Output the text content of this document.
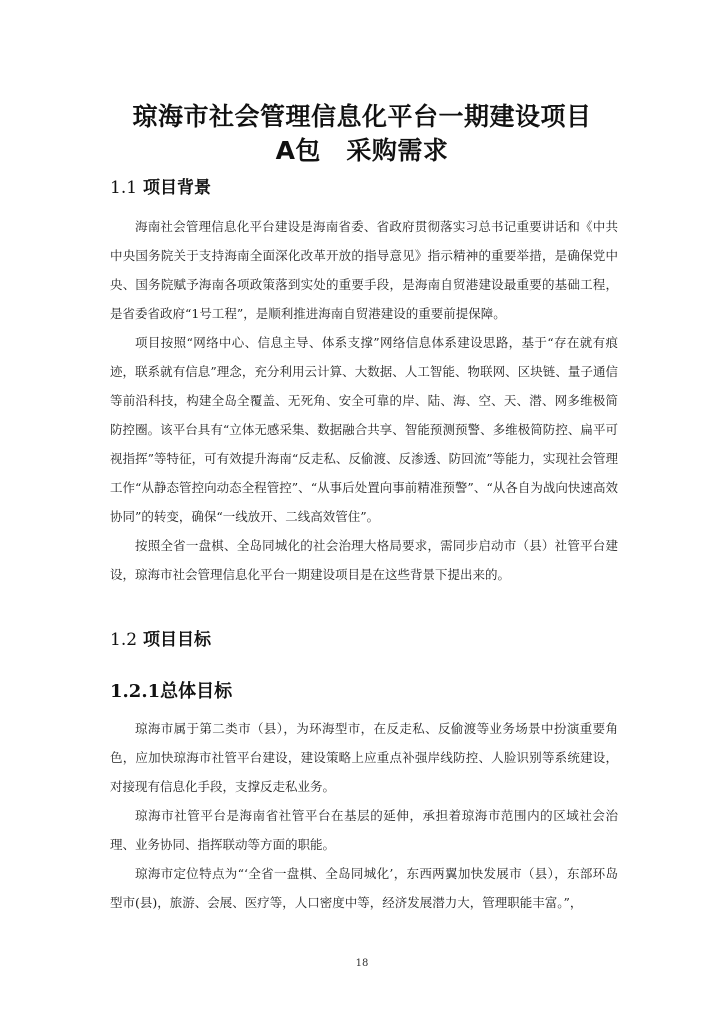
琼海市社会管理信息化平台一期建设项目
A包　采购需求
1.1 项目背景

海南社会管理信息化平台建设是海南省委、省政府贯彻落实习总书记重要讲话和《中共中央国务院关于支持海南全面深化改革开放的指导意见》指示精神的重要举措，是确保党中央、国务院赋予海南各项政策落到实处的重要手段，是海南自贸港建设最重要的基础工程，是省委省政府“1号工程”，是顺利推进海南自贸港建设的重要前提保障。

项目按照“网络中心、信息主导、体系支撑”网络信息体系建设思路，基于“存在就有痕迹，联系就有信息”理念，充分利用云计算、大数据、人工智能、物联网、区块链、量子通信等前沿科技，构建全岛全覆盖、无死角、安全可靠的岸、陆、海、空、天、潜、网多维极简防控圈。该平台具有“立体无感采集、数据融合共享、智能预测预警、多维极简防控、扁平可视指挥”等特征，可有效提升海南“反走私、反偷渡、反渗透、防回流”等能力，实现社会管理工作“从静态管控向动态全程管控”、“从事后处置向事前精准预警”、“从各自为战向快速高效协同”的转变，确保“一线放开、二线高效管住”。

按照全省一盘棋、全岛同城化的社会治理大格局要求，需同步启动市（县）社管平台建设，琼海市社会管理信息化平台一期建设项目是在这些背景下提出来的。

1.2 项目目标
1.2.1总体目标

琼海市属于第二类市（县），为环海型市，在反走私、反偷渡等业务场景中扮演重要角色，应加快琼海市社管平台建设，建设策略上应重点补强岸线防控、人脸识别等系统建设，对接现有信息化手段，支撑反走私业务。

琼海市社管平台是海南省社管平台在基层的延伸，承担着琼海市范围内的区域社会治理、业务协同、指挥联动等方面的职能。

琼海市定位特点为“‘全省一盘棋、全岛同城化’，东西两翼加快发展市（县），东部环岛型市(县)，旅游、会展、医疗等，人口密度中等，经济发展潜力大，管理职能丰富。”，

18
